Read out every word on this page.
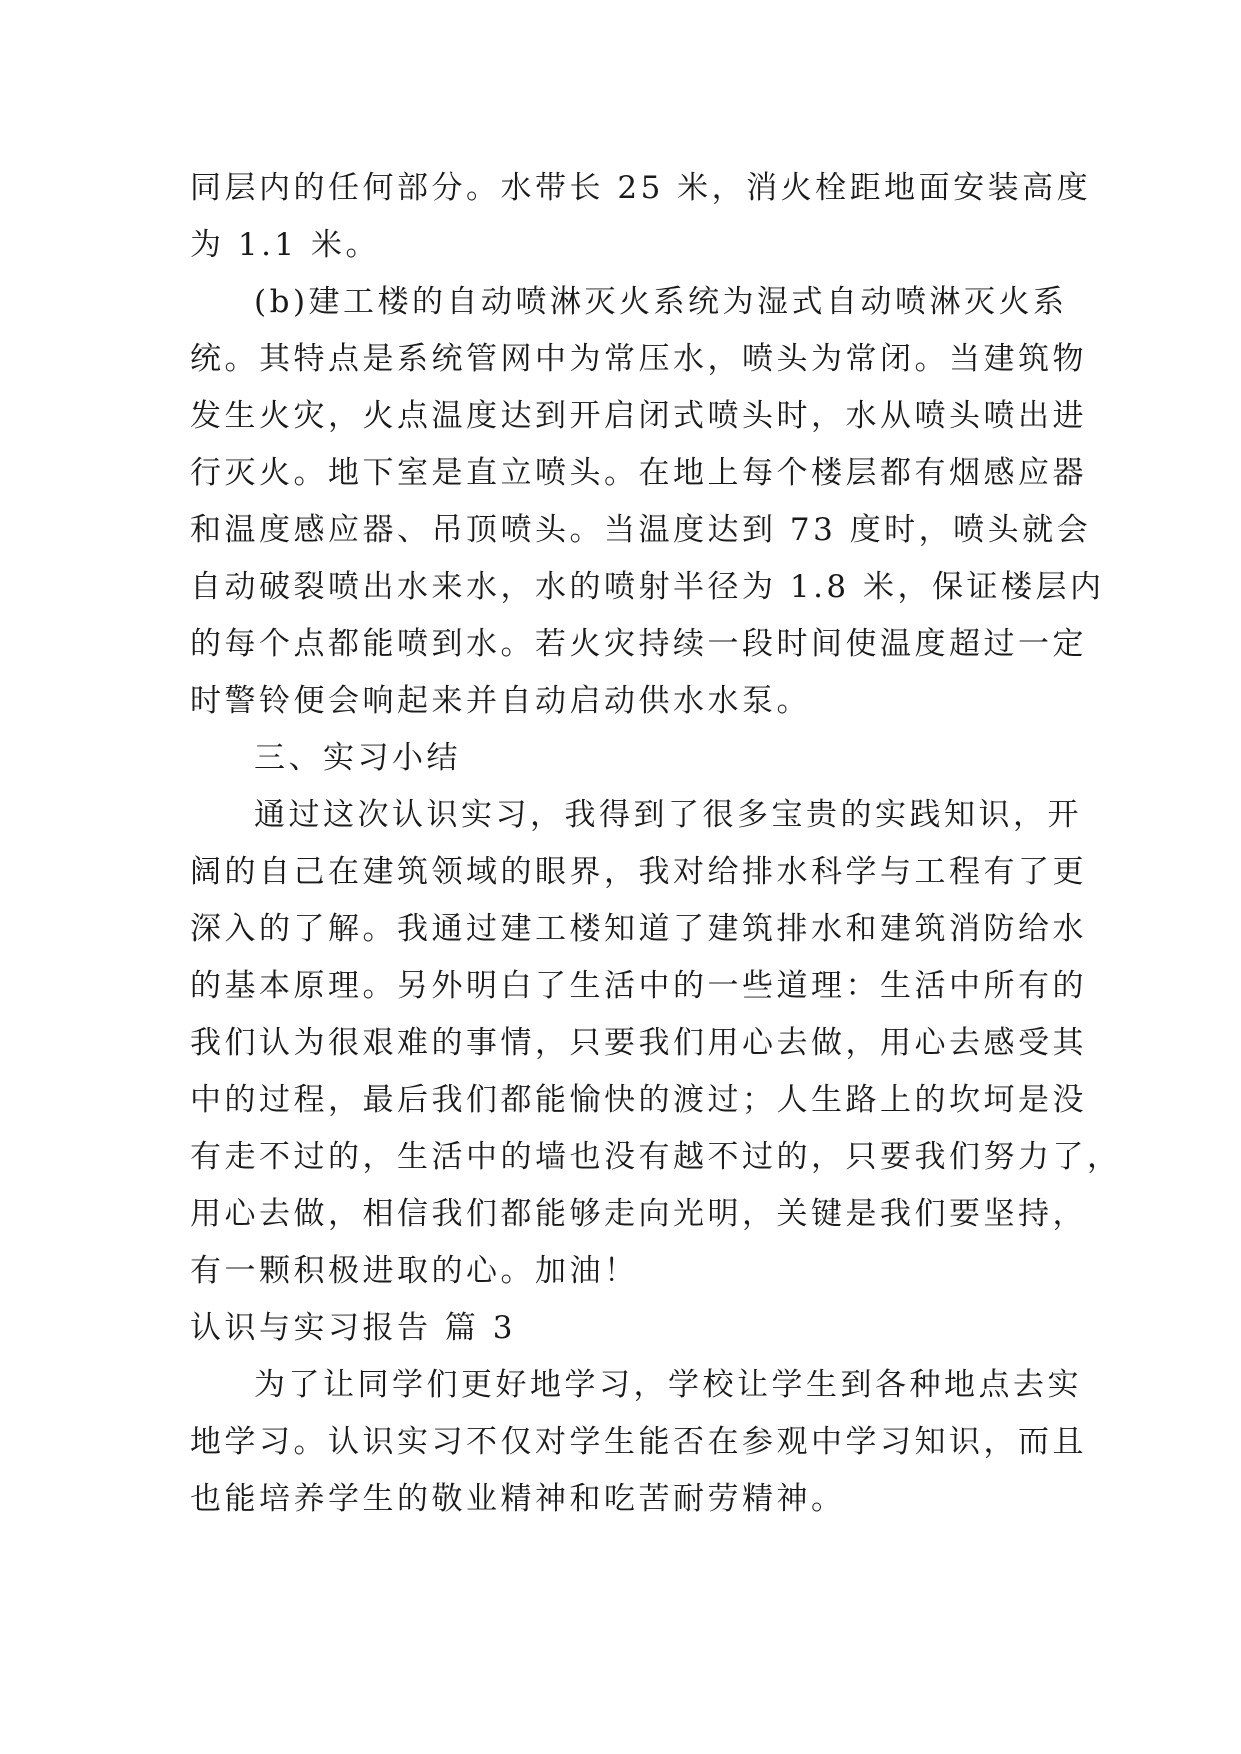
同层内的任何部分。水带长 25 米，消火栓距地面安装高度
为 1.1 米。
(b)建工楼的自动喷淋灭火系统为湿式自动喷淋灭火系
统。其特点是系统管网中为常压水，喷头为常闭。当建筑物
发生火灾，火点温度达到开启闭式喷头时，水从喷头喷出进
行灭火。地下室是直立喷头。在地上每个楼层都有烟感应器
和温度感应器、吊顶喷头。当温度达到 73 度时，喷头就会
自动破裂喷出水来水，水的喷射半径为 1.8 米，保证楼层内
的每个点都能喷到水。若火灾持续一段时间使温度超过一定
时警铃便会响起来并自动启动供水水泵。
三、实习小结
通过这次认识实习，我得到了很多宝贵的实践知识，开
阔的自己在建筑领域的眼界，我对给排水科学与工程有了更
深入的了解。我通过建工楼知道了建筑排水和建筑消防给水
的基本原理。另外明白了生活中的一些道理：生活中所有的
我们认为很艰难的事情，只要我们用心去做，用心去感受其
中的过程，最后我们都能愉快的渡过；人生路上的坎坷是没
有走不过的，生活中的墙也没有越不过的，只要我们努力了，
用心去做，相信我们都能够走向光明，关键是我们要坚持，
有一颗积极进取的心。加油！
认识与实习报告 篇 3
为了让同学们更好地学习，学校让学生到各种地点去实
地学习。认识实习不仅对学生能否在参观中学习知识，而且
也能培养学生的敬业精神和吃苦耐劳精神。
